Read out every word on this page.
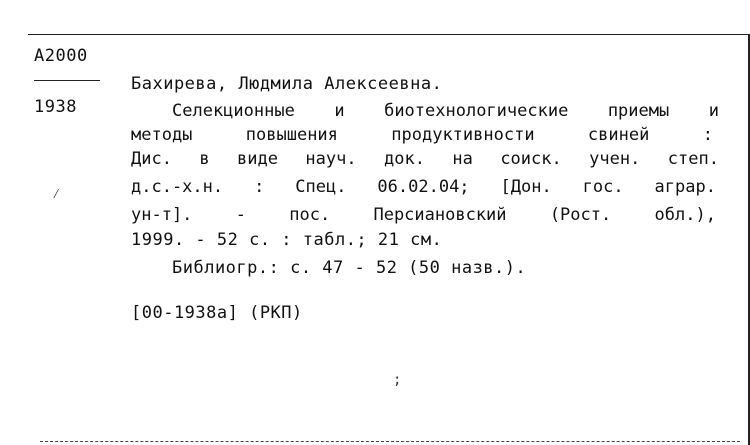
A2000
1938
Бахирева, Людмила Алексеевна.
Селекционные и биотехнологические приемы и
методы	повышения	продуктивности	свиней	:
Дис. в виде науч. док. на соиск. учен. степ.
д.с.-х.н. : Спец. 06.02.04; [Дон. гос. аграр.
ун-т].	-	пос.	Персиановский	(Рост.	обл.),
1999. - 52 с. : табл.; 21 см.
Библиогр.: с. 47 - 52 (50 назв.).
[00-1938а] (РКП)
⁄
;
